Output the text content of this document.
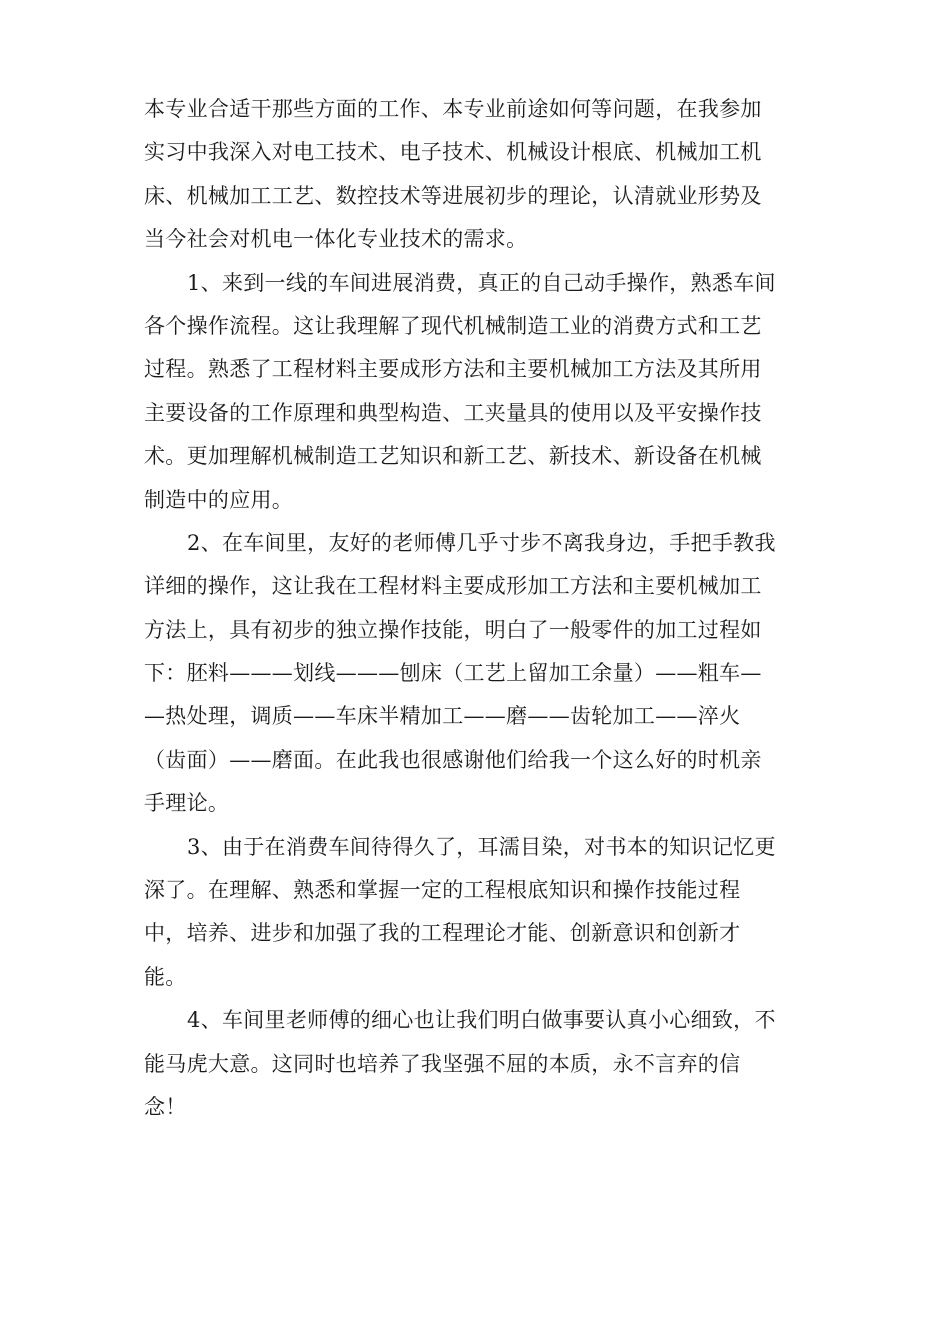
本专业合适干那些方面的工作、本专业前途如何等问题，在我参加
实习中我深入对电工技术、电子技术、机械设计根底、机械加工机
床、机械加工工艺、数控技术等进展初步的理论，认清就业形势及
当今社会对机电一体化专业技术的需求。
1、来到一线的车间进展消费，真正的自己动手操作，熟悉车间
各个操作流程。这让我理解了现代机械制造工业的消费方式和工艺
过程。熟悉了工程材料主要成形方法和主要机械加工方法及其所用
主要设备的工作原理和典型构造、工夹量具的使用以及平安操作技
术。更加理解机械制造工艺知识和新工艺、新技术、新设备在机械
制造中的应用。
2、在车间里，友好的老师傅几乎寸步不离我身边，手把手教我
详细的操作，这让我在工程材料主要成形加工方法和主要机械加工
方法上，具有初步的独立操作技能，明白了一般零件的加工过程如
下：胚料———划线———刨床（工艺上留加工余量）——粗车—
—热处理，调质——车床半精加工——磨——齿轮加工——淬火
（齿面）——磨面。在此我也很感谢他们给我一个这么好的时机亲
手理论。
3、由于在消费车间待得久了，耳濡目染，对书本的知识记忆更
深了。在理解、熟悉和掌握一定的工程根底知识和操作技能过程
中，培养、进步和加强了我的工程理论才能、创新意识和创新才
能。
4、车间里老师傅的细心也让我们明白做事要认真小心细致，不
能马虎大意。这同时也培养了我坚强不屈的本质，永不言弃的信
念！
